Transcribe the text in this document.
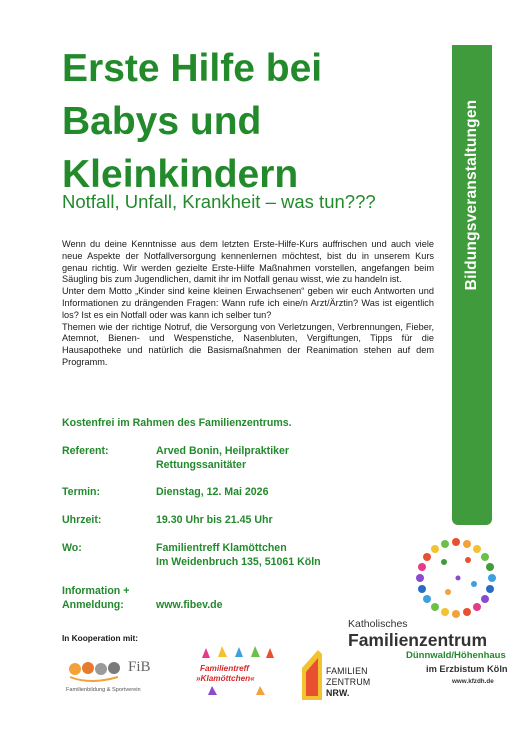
Erste Hilfe bei
Babys und
Kleinkindern
Notfall, Unfall, Krankheit – was tun???	Bildungsveranstaltungen

Wenn du deine Kenntnisse aus dem letzten Erste-Hilfe-Kurs auffrischen und auch viele neue Aspekte der Notfallversorgung kennenlernen möchtest, bist du in unserem Kurs genau richtig. Wir werden gezielte Erste-Hilfe Maßnahmen vorstellen, angefangen beim Säugling bis zum Jugendlichen, damit ihr im Notfall genau wisst, wie zu handeln ist.

Unter dem Motto „Kinder sind keine kleinen Erwachsenen“ geben wir euch Antworten und Informationen zu drängenden Fragen: Wann rufe ich eine/n Arzt/Ärztin? Was ist eigentlich los? Ist es ein Notfall oder was kann ich selber tun?

Themen wie der richtige Notruf, die Versorgung von Verletzungen, Verbrennungen, Fieber, Atemnot, Bienen- und Wespenstiche, Nasenbluten, Vergiftungen, Tipps für die Hausapotheke und natürlich die Basismaßnahmen der Reanimation stehen auf dem Programm.

Kostenfrei im Rahmen des Familienzentrums.
Referent:	Arved Bonin, Heilpraktiker
Rettungssanitäter
Termin:	Dienstag, 12. Mai 2026
Uhrzeit:	19.30 Uhr bis 21.45 Uhr
Wo:	Familientreff Klamöttchen
Im Weidenbruch 135, 51061 Köln
Information +
Anmeldung:	www.fibev.de
In Kooperation mit:
FiB
Familienbildung & Sportverein
Familientreff
»Klamöttchen«
FAMILIEN
ZENTRUM
NRW.
Katholisches
Familienzentrum
Dünnwald/Höhenhaus
im Erzbistum Köln
www.kfzdh.de
